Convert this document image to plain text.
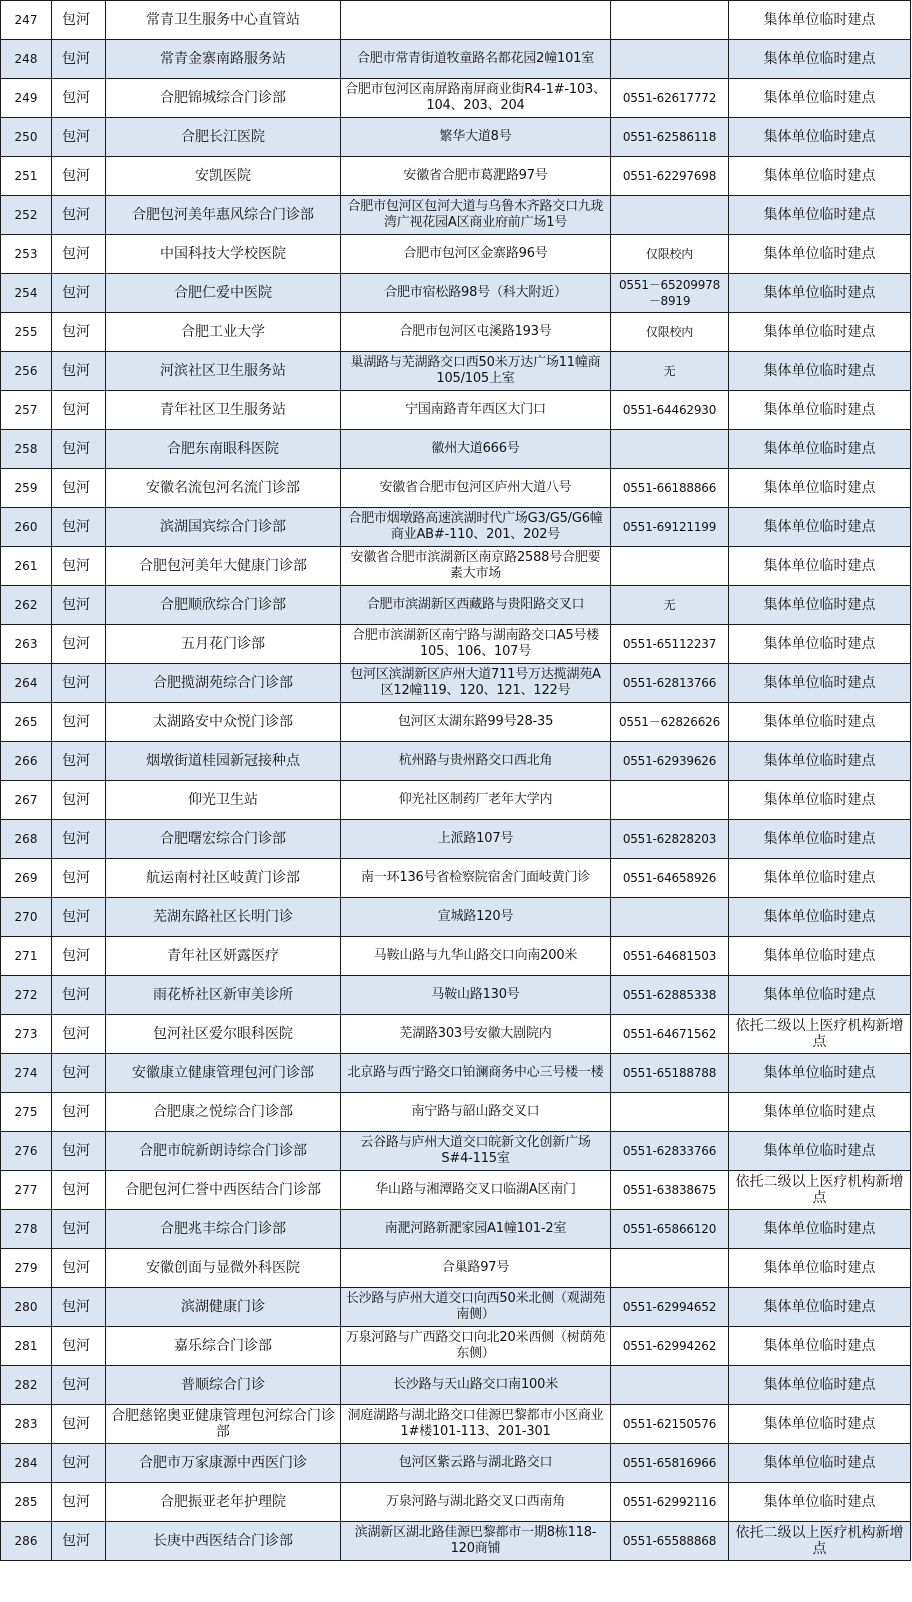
247	包河	常青卫生服务中心直管站			集体单位临时建点
248	包河	常青金寨南路服务站	合肥市常青街道牧童路名都花园2幢101室		集体单位临时建点
249	包河	合肥锦城综合门诊部	合肥市包河区南屏路南屏商业街R4-1#-103、104、203、204	0551-62617772	集体单位临时建点
250	包河	合肥长江医院	繁华大道8号	0551-62586118	集体单位临时建点
251	包河	安凯医院	安徽省合肥市葛淝路97号	0551-62297698	集体单位临时建点
252	包河	合肥包河美年惠风综合门诊部	合肥市包河区包河大道与乌鲁木齐路交口九珑湾广视花园A区商业府前广场1号		集体单位临时建点
253	包河	中国科技大学校医院	合肥市包河区金寨路96号	仅限校内	集体单位临时建点
254	包河	合肥仁爱中医院	合肥市宿松路98号（科大附近）	0551－65209978－8919	集体单位临时建点
255	包河	合肥工业大学	合肥市包河区屯溪路193号	仅限校内	集体单位临时建点
256	包河	河滨社区卫生服务站	巢湖路与芜湖路交口西50米万达广场11幢商105/105上室	无	集体单位临时建点
257	包河	青年社区卫生服务站	宁国南路青年西区大门口	0551-64462930	集体单位临时建点
258	包河	合肥东南眼科医院	徽州大道666号		集体单位临时建点
259	包河	安徽名流包河名流门诊部	安徽省合肥市包河区庐州大道八号	0551-66188866	集体单位临时建点
260	包河	滨湖国宾综合门诊部	合肥市烟墩路高速滨湖时代广场G3/G5/G6幢商业AB#-110、201、202号	0551-69121199	集体单位临时建点
261	包河	合肥包河美年大健康门诊部	安徽省合肥市滨湖新区南京路2588号合肥要素大市场		集体单位临时建点
262	包河	合肥顺欣综合门诊部	合肥市滨湖新区西藏路与贵阳路交叉口	无	集体单位临时建点
263	包河	五月花门诊部	合肥市滨湖新区南宁路与湖南路交口A5号楼105、106、107号	0551-65112237	集体单位临时建点
264	包河	合肥揽湖苑综合门诊部	包河区滨湖新区庐州大道711号万达揽湖苑A区12幢119、120、121、122号	0551-62813766	集体单位临时建点
265	包河	太湖路安中众悦门诊部	包河区太湖东路99号28-35	0551－62826626	集体单位临时建点
266	包河	烟墩街道桂园新冠接种点	杭州路与贵州路交口西北角	0551-62939626	集体单位临时建点
267	包河	仰光卫生站	仰光社区制药厂老年大学内		集体单位临时建点
268	包河	合肥曙宏综合门诊部	上派路107号	0551-62828203	集体单位临时建点
269	包河	航运南村社区岐黄门诊部	南一环136号省检察院宿舍门面岐黄门诊	0551-64658926	集体单位临时建点
270	包河	芜湖东路社区长明门诊	宣城路120号		集体单位临时建点
271	包河	青年社区妍露医疗	马鞍山路与九华山路交口向南200米	0551-64681503	集体单位临时建点
272	包河	雨花桥社区新审美诊所	马鞍山路130号	0551-62885338	集体单位临时建点
273	包河	包河社区爱尔眼科医院	芜湖路303号安徽大剧院内	0551-64671562	依托二级以上医疗机构新增点
274	包河	安徽康立健康管理包河门诊部	北京路与西宁路交口铂澜商务中心三号楼一楼	0551-65188788	集体单位临时建点
275	包河	合肥康之悦综合门诊部	南宁路与韶山路交叉口		集体单位临时建点
276	包河	合肥市皖新朗诗综合门诊部	云谷路与庐州大道交口皖新文化创新广场S#4-115室	0551-62833766	集体单位临时建点
277	包河	合肥包河仁誉中西医结合门诊部	华山路与湘潭路交叉口临湖A区南门	0551-63838675	依托二级以上医疗机构新增点
278	包河	合肥兆丰综合门诊部	南淝河路新淝家园A1幢101-2室	0551-65866120	集体单位临时建点
279	包河	安徽创面与显微外科医院	合巢路97号		集体单位临时建点
280	包河	滨湖健康门诊	长沙路与庐州大道交口向西50米北侧（观湖苑南侧）	0551-62994652	集体单位临时建点
281	包河	嘉乐综合门诊部	万泉河路与广西路交口向北20米西侧（树荫苑东侧）	0551-62994262	集体单位临时建点
282	包河	普顺综合门诊	长沙路与天山路交口南100米		集体单位临时建点
283	包河	合肥慈铭奥亚健康管理包河综合门诊部	洞庭湖路与湖北路交口佳源巴黎都市小区商业1#楼101-113、201-301	0551-62150576	集体单位临时建点
284	包河	合肥市万家康源中西医门诊	包河区紫云路与湖北路交口	0551-65816966	集体单位临时建点
285	包河	合肥振亚老年护理院	万泉河路与湖北路交叉口西南角	0551-62992116	集体单位临时建点
286	包河	长庚中西医结合门诊部	滨湖新区湖北路佳源巴黎都市一期8栋118-120商铺	0551-65588868	依托二级以上医疗机构新增点
